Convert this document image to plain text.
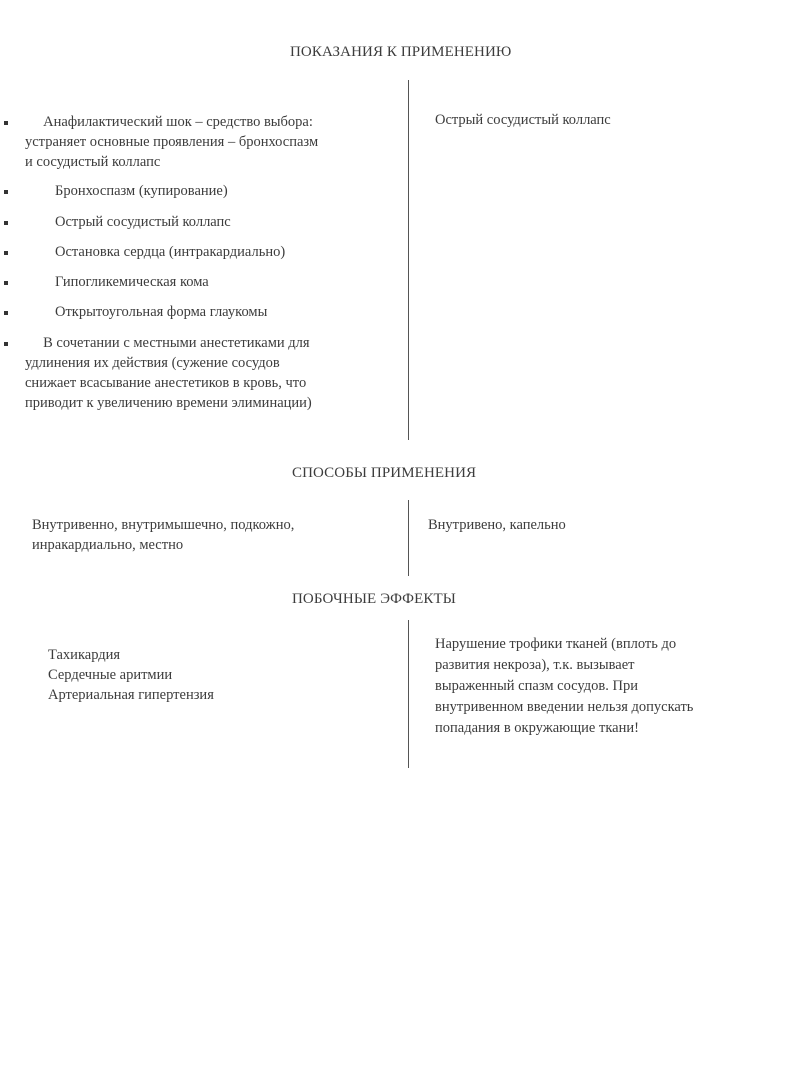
ПОКАЗАНИЯ К ПРИМЕНЕНИЮ
Анафилактический шок – средство выбора:
устраняет основные проявления – бронхоспазм
и сосудистый коллапс
Бронхоспазм (купирование)
Острый сосудистый коллапс
Остановка сердца (интракардиально)
Гипогликемическая кома
Открытоугольная форма глаукомы
В сочетании с местными анестетиками для
удлинения их действия (сужение сосудов
снижает всасывание анестетиков в кровь, что
приводит к увеличению времени элиминации)
Острый сосудистый коллапс
СПОСОБЫ ПРИМЕНЕНИЯ
Внутривенно, внутримышечно, подкожно,
инракардиально, местно
Внутривено, капельно
ПОБОЧНЫЕ ЭФФЕКТЫ
Тахикардия
Сердечные аритмии
Артериальная гипертензия
Нарушение трофики тканей (вплоть до
развития некроза), т.к. вызывает
выраженный спазм сосудов. При
внутривенном введении нельзя допускать
попадания в окружающие ткани!
